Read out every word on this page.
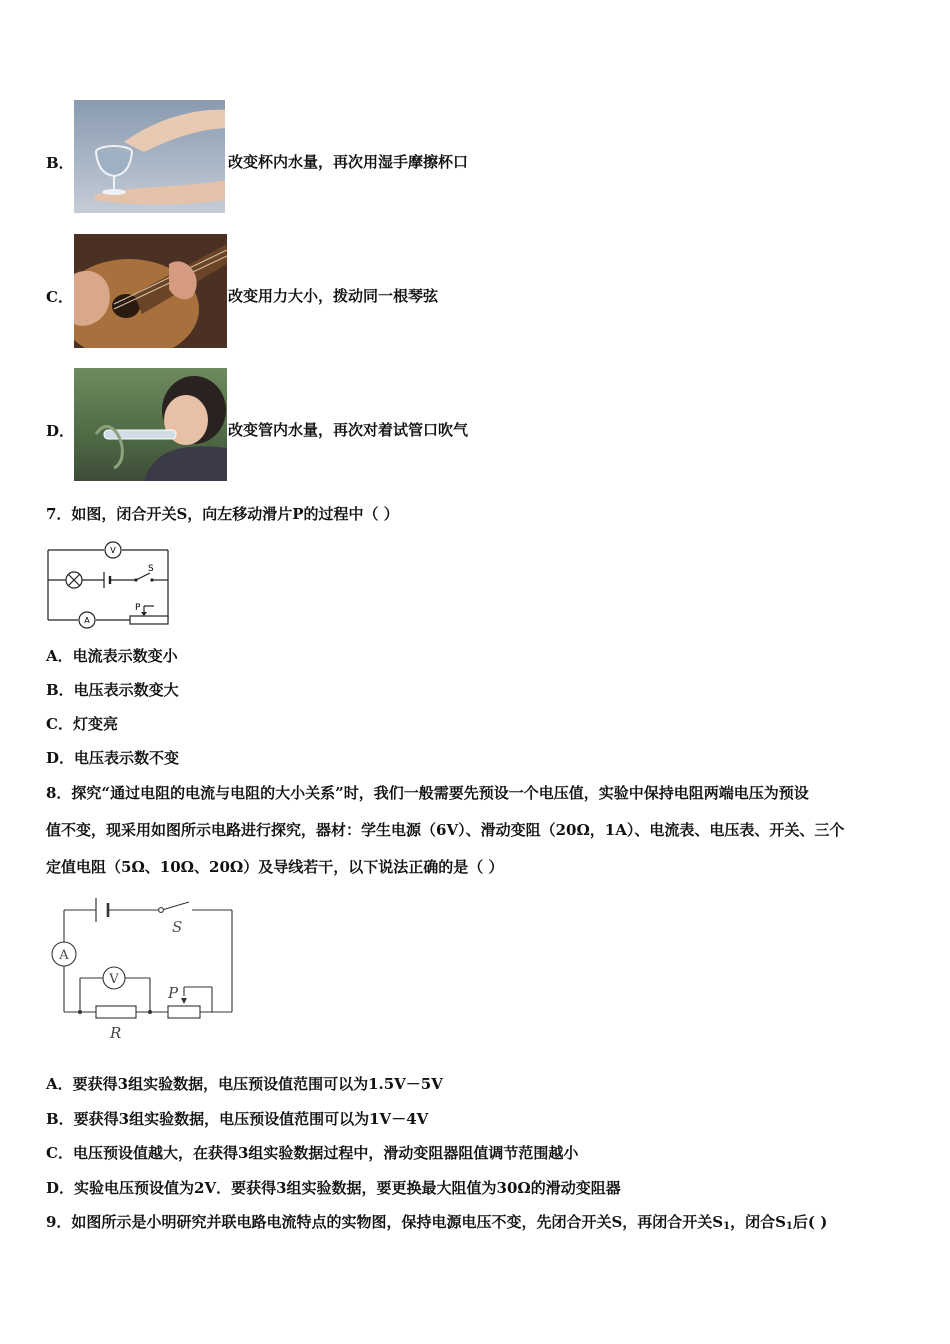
B．	改变杯内水量，再次用湿手摩擦杯口
C．	改变用力大小，拨动同一根琴弦
D．	改变管内水量，再次对着试管口吹气
7．如图，闭合开关S，向左移动滑片P的过程中（ ）
V
S
A
P
A．电流表示数变小
B．电压表示数变大
C．灯变亮
D．电压表示数不变
8．探究“通过电阻的电流与电阻的大小关系”时，我们一般需要先预设一个电压值，实验中保持电阻两端电压为预设
值不变，现采用如图所示电路进行探究，器材：学生电源（6V）、滑动变阻（20Ω，1A）、电流表、电压表、开关、三个
定值电阻（5Ω、10Ω、20Ω）及导线若干，以下说法正确的是（ ）
S
A
V
R
P
A．要获得3组实验数据，电压预设值范围可以为1.5V－5V
B．要获得3组实验数据，电压预设值范围可以为1V－4V
C．电压预设值越大，在获得3组实验数据过程中，滑动变阻器阻值调节范围越小
D．实验电压预设值为2V．要获得3组实验数据，要更换最大阻值为30Ω的滑动变阻器
9．如图所示是小明研究并联电路电流特点的实物图，保持电源电压不变，先闭合开关S，再闭合开关$S_1$，闭合$S_1$后( )
